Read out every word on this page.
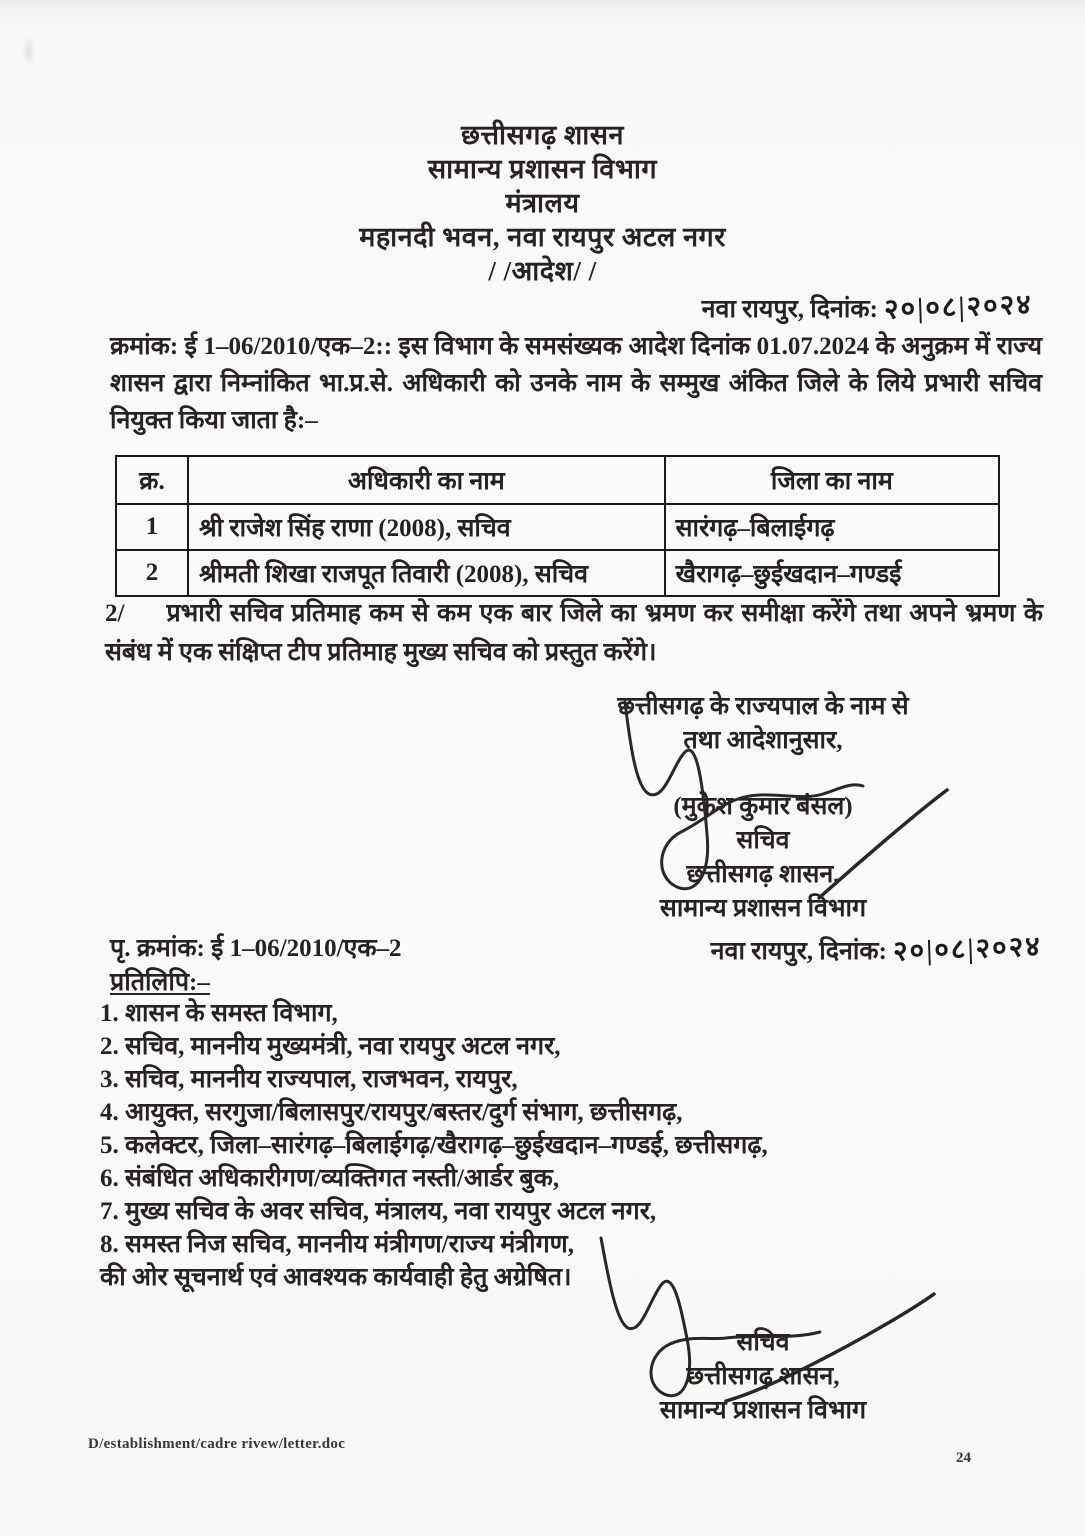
छत्तीसगढ़ शासन
सामान्य प्रशासन विभाग
मंत्रालय
महानदी भवन, नवा रायपुर अटल नगर
/ /आदेश/ /
नवा रायपुर, दिनांक: २०|०८|२०२४
क्रमांक: ई 1–06/2010/एक–2:: इस विभाग के समसंख्यक आदेश दिनांक 01.07.2024 के अनुक्रम में राज्य शासन द्वारा निम्नांकित भा.प्र.से. अधिकारी को उनके नाम के सम्मुख अंकित जिले के लिये प्रभारी सचिव नियुक्त किया जाता है:–
क्र.	अधिकारी का नाम	जिला का नाम
1	श्री राजेश सिंह राणा (2008), सचिव	सारंगढ़–बिलाईगढ़
2	श्रीमती शिखा राजपूत तिवारी (2008), सचिव	खैरागढ़–छुईखदान–गण्डई
2/ प्रभारी सचिव प्रतिमाह कम से कम एक बार जिले का भ्रमण कर समीक्षा करेंगे तथा अपने भ्रमण के संबंध में एक संक्षिप्त टीप प्रतिमाह मुख्य सचिव को प्रस्तुत करेंगे।
छत्तीसगढ़ के राज्यपाल के नाम से
तथा आदेशानुसार,
(मुकेश कुमार बंसल)
सचिव
छत्तीसगढ़ शासन,
सामान्य प्रशासन विभाग
पृ. क्रमांक: ई 1–06/2010/एक–2	नवा रायपुर, दिनांक: २०|०८|२०२४
प्रतिलिपि:–
1. शासन के समस्त विभाग,
2. सचिव, माननीय मुख्यमंत्री, नवा रायपुर अटल नगर,
3. सचिव, माननीय राज्यपाल, राजभवन, रायपुर,
4. आयुक्त, सरगुजा/बिलासपुर/रायपुर/बस्तर/दुर्ग संभाग, छत्तीसगढ़,
5. कलेक्टर, जिला–सारंगढ़–बिलाईगढ़/खैरागढ़–छुईखदान–गण्डई, छत्तीसगढ़,
6. संबंधित अधिकारीगण/व्यक्तिगत नस्ती/आर्डर बुक,
7. मुख्य सचिव के अवर सचिव, मंत्रालय, नवा रायपुर अटल नगर,
8. समस्त निज सचिव, माननीय मंत्रीगण/राज्य मंत्रीगण,
की ओर सूचनार्थ एवं आवश्यक कार्यवाही हेतु अग्रेषित।
सचिव
छत्तीसगढ़ शासन,
सामान्य प्रशासन विभाग
D/establishment/cadre rivew/letter.doc
24
